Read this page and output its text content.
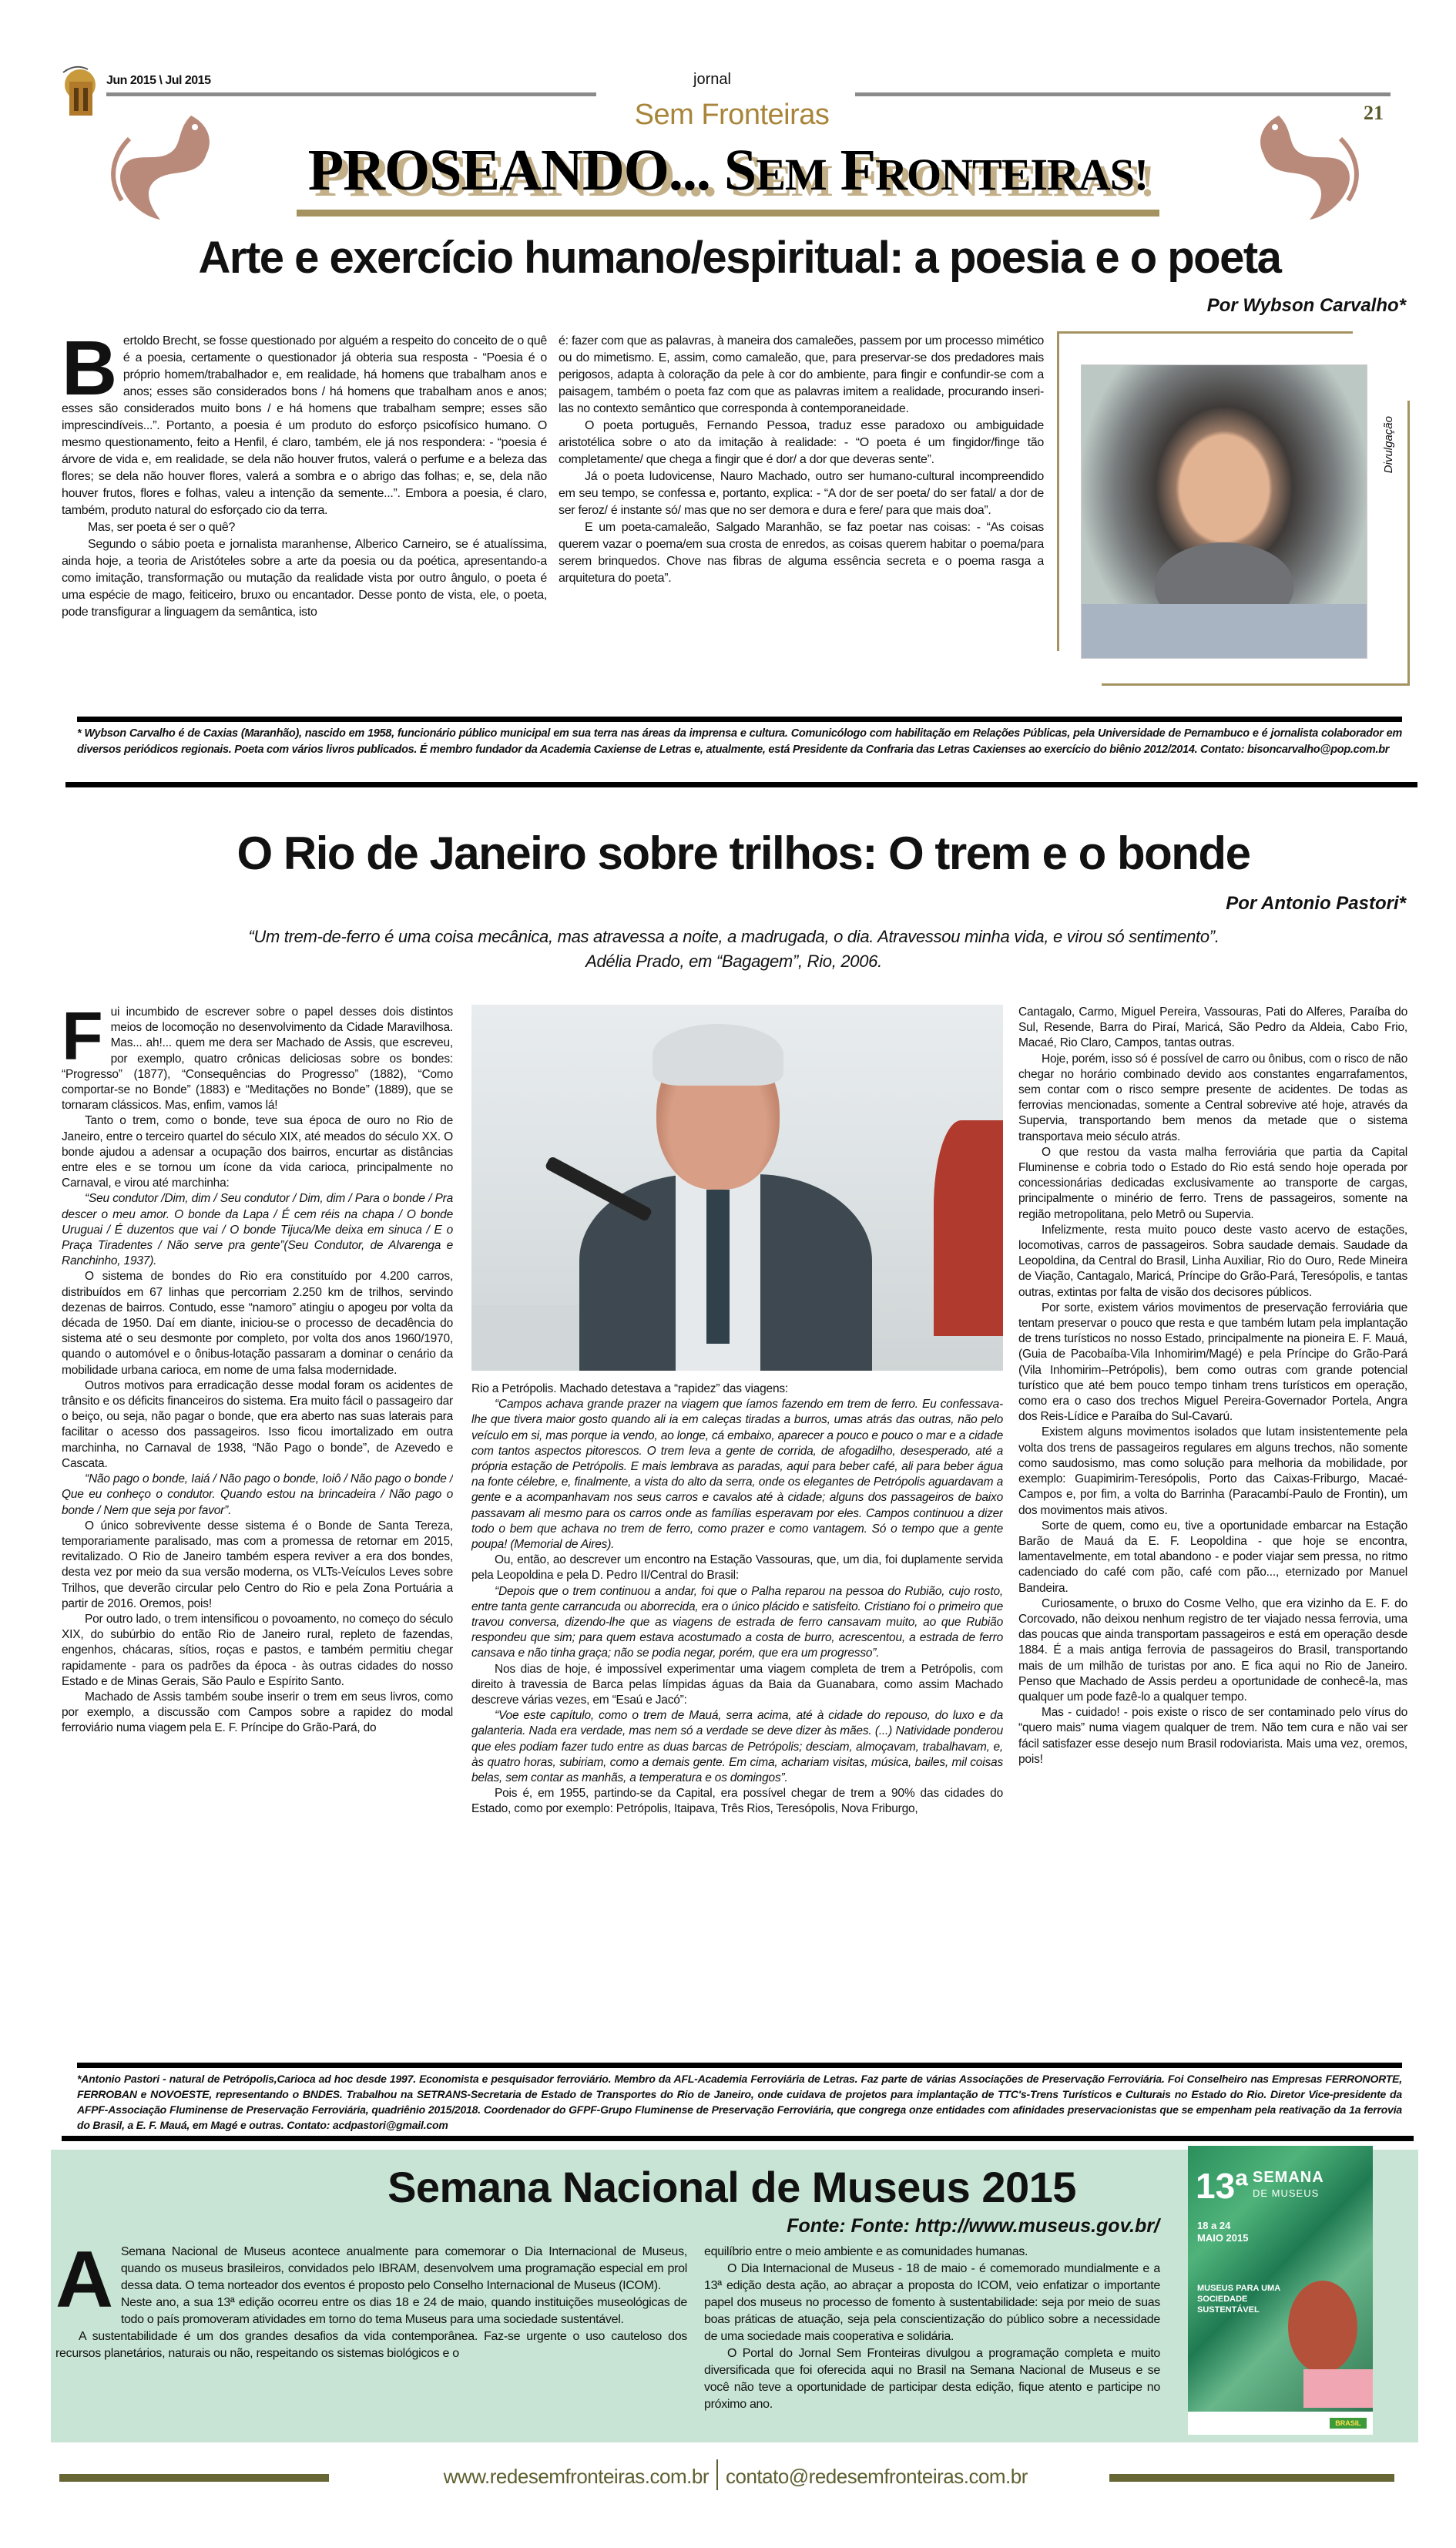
Jun 2015 \ Jul 2015	jornal
Sem Fronteiras	21
PROSEANDO... SEM FRONTEIRAS!
Arte e exercício humano/espiritual: a poesia e o poeta
Por Wybson Carvalho*

Bertoldo Brecht, se fosse questionado por alguém a respeito do conceito de o quê é a poesia, certamente o questionador já obteria sua resposta - “Poesia é o próprio homem/trabalhador e, em realidade, há homens que trabalham anos e anos; esses são considerados bons / há homens que trabalham anos e anos; esses são considerados muito bons / e há homens que trabalham sempre; esses são imprescindíveis...”. Portanto, a poesia é um produto do esforço psicofísico humano. O mesmo questionamento, feito a Henfil, é claro, também, ele já nos respondera: - “poesia é árvore de vida e, em realidade, se dela não houver frutos, valerá o perfume e a beleza das flores; se dela não houver flores, valerá a sombra e o abrigo das folhas; e, se, dela não houver frutos, flores e folhas, valeu a intenção da semente...”. Embora a poesia, é claro, também, produto natural do esforçado cio da terra.

Mas, ser poeta é ser o quê?

Segundo o sábio poeta e jornalista maranhense, Alberico Carneiro, se é atualíssima, ainda hoje, a teoria de Aristóteles sobre a arte da poesia ou da poética, apresentando-a como imitação, transformação ou mutação da realidade vista por outro ângulo, o poeta é uma espécie de mago, feiticeiro, bruxo ou encantador. Desse ponto de vista, ele, o poeta, pode transfigurar a linguagem da semântica, isto

é: fazer com que as palavras, à maneira dos camaleões, passem por um processo mimético ou do mimetismo. E, assim, como camaleão, que, para preservar-se dos predadores mais perigosos, adapta à coloração da pele à cor do ambiente, para fingir e confundir-se com a paisagem, também o poeta faz com que as palavras imitem a realidade, procurando inseri-las no contexto semântico que corresponda à contemporaneidade.

O poeta português, Fernando Pessoa, traduz esse paradoxo ou ambiguidade aristotélica sobre o ato da imitação à realidade: - “O poeta é um fingidor/finge tão completamente/ que chega a fingir que é dor/ a dor que deveras sente”.

Já o poeta ludovicense, Nauro Machado, outro ser humano-cultural incompreendido em seu tempo, se confessa e, portanto, explica: - “A dor de ser poeta/ do ser fatal/ a dor de ser feroz/ é instante só/ mas que no ser demora e dura e fere/ para que mais doa”.

E um poeta-camaleão, Salgado Maranhão, se faz poetar nas coisas: - “As coisas querem vazar o poema/em sua crosta de enredos, as coisas querem habitar o poema/para serem brinquedos. Chove nas fibras de alguma essência secreta e o poema rasga a arquitetura do poeta”.

Divulgação
* Wybson Carvalho é de Caxias (Maranhão), nascido em 1958, funcionário público municipal em sua terra nas áreas da imprensa e cultura. Comunicólogo com habilitação em Relações Públicas, pela Universidade de Pernambuco e é jornalista colaborador em diversos periódicos regionais. Poeta com vários livros publicados. É membro fundador da Academia Caxiense de Letras e, atualmente, está Presidente da Confraria das Letras Caxienses ao exercício do biênio 2012/2014. Contato: bisoncarvalho@pop.com.br
O Rio de Janeiro sobre trilhos: O trem e o bonde
Por Antonio Pastori*
“Um trem-de-ferro é uma coisa mecânica, mas atravessa a noite, a madrugada, o dia. Atravessou minha vida, e virou só sentimento”.
Adélia Prado, em “Bagagem”, Rio, 2006.

Fui incumbido de escrever sobre o papel desses dois distintos meios de locomoção no desenvolvimento da Cidade Maravilhosa. Mas... ah!... quem me dera ser Machado de Assis, que escreveu, por exemplo, quatro crônicas deliciosas sobre os bondes: “Progresso” (1877), “Consequências do Progresso” (1882), “Como comportar-se no Bonde” (1883) e “Meditações no Bonde” (1889), que se tornaram clássicos. Mas, enfim, vamos lá!

Tanto o trem, como o bonde, teve sua época de ouro no Rio de Janeiro, entre o terceiro quartel do século XIX, até meados do século XX. O bonde ajudou a adensar a ocupação dos bairros, encurtar as distâncias entre eles e se tornou um ícone da vida carioca, principalmente no Carnaval, e virou até marchinha:

“Seu condutor /Dim, dim / Seu condutor / Dim, dim / Para o bonde / Pra descer o meu amor. O bonde da Lapa / É cem réis na chapa / O bonde Uruguai / É duzentos que vai / O bonde Tijuca/Me deixa em sinuca / E o Praça Tiradentes / Não serve pra gente”(Seu Condutor, de Alvarenga e Ranchinho, 1937).

O sistema de bondes do Rio era constituído por 4.200 carros, distribuídos em 67 linhas que percorriam 2.250 km de trilhos, servindo dezenas de bairros. Contudo, esse “namoro” atingiu o apogeu por volta da década de 1950. Daí em diante, iniciou-se o processo de decadência do sistema até o seu desmonte por completo, por volta dos anos 1960/1970, quando o automóvel e o ônibus-lotação passaram a dominar o cenário da mobilidade urbana carioca, em nome de uma falsa modernidade.

Outros motivos para erradicação desse modal foram os acidentes de trânsito e os déficits financeiros do sistema. Era muito fácil o passageiro dar o beiço, ou seja, não pagar o bonde, que era aberto nas suas laterais para facilitar o acesso dos passageiros. Isso ficou imortalizado em outra marchinha, no Carnaval de 1938, “Não Pago o bonde”, de Azevedo e Cascata.

“Não pago o bonde, Iaiá / Não pago o bonde, Ioiô / Não pago o bonde / Que eu conheço o condutor. Quando estou na brincadeira / Não pago o bonde / Nem que seja por favor”.

O único sobrevivente desse sistema é o Bonde de Santa Tereza, temporariamente paralisado, mas com a promessa de retornar em 2015, revitalizado. O Rio de Janeiro também espera reviver a era dos bondes, desta vez por meio da sua versão moderna, os VLTs-Veículos Leves sobre Trilhos, que deverão circular pelo Centro do Rio e pela Zona Portuária a partir de 2016. Oremos, pois!

Por outro lado, o trem intensificou o povoamento, no começo do século XIX, do subúrbio do então Rio de Janeiro rural, repleto de fazendas, engenhos, chácaras, sítios, roças e pastos, e também permitiu chegar rapidamente - para os padrões da época - às outras cidades do nosso Estado e de Minas Gerais, São Paulo e Espírito Santo.

Machado de Assis também soube inserir o trem em seus livros, como por exemplo, a discussão com Campos sobre a rapidez do modal ferroviário numa viagem pela E. F. Príncipe do Grão-Pará, do

Rio a Petrópolis. Machado detestava a “rapidez” das viagens:

“Campos achava grande prazer na viagem que íamos fazendo em trem de ferro. Eu confessava-lhe que tivera maior gosto quando ali ia em caleças tiradas a burros, umas atrás das outras, não pelo veículo em si, mas porque ia vendo, ao longe, cá embaixo, aparecer a pouco e pouco o mar e a cidade com tantos aspectos pitorescos. O trem leva a gente de corrida, de afogadilho, desesperado, até a própria estação de Petrópolis. E mais lembrava as paradas, aqui para beber café, ali para beber água na fonte célebre, e, finalmente, a vista do alto da serra, onde os elegantes de Petrópolis aguardavam a gente e a acompanhavam nos seus carros e cavalos até à cidade; alguns dos passageiros de baixo passavam ali mesmo para os carros onde as famílias esperavam por eles. Campos continuou a dizer todo o bem que achava no trem de ferro, como prazer e como vantagem. Só o tempo que a gente poupa! (Memorial de Aires).

Ou, então, ao descrever um encontro na Estação Vassouras, que, um dia, foi duplamente servida pela Leopoldina e pela D. Pedro II/Central do Brasil:

“Depois que o trem continuou a andar, foi que o Palha reparou na pessoa do Rubião, cujo rosto, entre tanta gente carrancuda ou aborrecida, era o único plácido e satisfeito. Cristiano foi o primeiro que travou conversa, dizendo-lhe que as viagens de estrada de ferro cansavam muito, ao que Rubião respondeu que sim; para quem estava acostumado a costa de burro, acrescentou, a estrada de ferro cansava e não tinha graça; não se podia negar, porém, que era um progresso”.

Nos dias de hoje, é impossível experimentar uma viagem completa de trem a Petrópolis, com direito à travessia de Barca pelas límpidas águas da Baia da Guanabara, como assim Machado descreve várias vezes, em “Esaú e Jacó”:

“Voe este capítulo, como o trem de Mauá, serra acima, até à cidade do repouso, do luxo e da galanteria. Nada era verdade, mas nem só a verdade se deve dizer às mães. (...) Natividade ponderou que eles podiam fazer tudo entre as duas barcas de Petrópolis; desciam, almoçavam, trabalhavam, e, às quatro horas, subiriam, como a demais gente. Em cima, achariam visitas, música, bailes, mil coisas belas, sem contar as manhãs, a temperatura e os domingos”.

Pois é, em 1955, partindo-se da Capital, era possível chegar de trem a 90% das cidades do Estado, como por exemplo: Petrópolis, Itaipava, Três Rios, Teresópolis, Nova Friburgo,

Cantagalo, Carmo, Miguel Pereira, Vassouras, Pati do Alferes, Paraíba do Sul, Resende, Barra do Piraí, Maricá, São Pedro da Aldeia, Cabo Frio, Macaé, Rio Claro, Campos, tantas outras.

Hoje, porém, isso só é possível de carro ou ônibus, com o risco de não chegar no horário combinado devido aos constantes engarrafamentos, sem contar com o risco sempre presente de acidentes. De todas as ferrovias mencionadas, somente a Central sobrevive até hoje, através da Supervia, transportando bem menos da metade que o sistema transportava meio século atrás.

O que restou da vasta malha ferroviária que partia da Capital Fluminense e cobria todo o Estado do Rio está sendo hoje operada por concessionárias dedicadas exclusivamente ao transporte de cargas, principalmente o minério de ferro. Trens de passageiros, somente na região metropolitana, pelo Metrô ou Supervia.

Infelizmente, resta muito pouco deste vasto acervo de estações, locomotivas, carros de passageiros. Sobra saudade demais. Saudade da Leopoldina, da Central do Brasil, Linha Auxiliar, Rio do Ouro, Rede Mineira de Viação, Cantagalo, Maricá, Príncipe do Grão-Pará, Teresópolis, e tantas outras, extintas por falta de visão dos decisores públicos.

Por sorte, existem vários movimentos de preservação ferroviária que tentam preservar o pouco que resta e que também lutam pela implantação de trens turísticos no nosso Estado, principalmente na pioneira E. F. Mauá, (Guia de Pacobaíba-Vila Inhomirim/Magé) e pela Príncipe do Grão-Pará (Vila Inhomirim--Petrópolis), bem como outras com grande potencial turístico que até bem pouco tempo tinham trens turísticos em operação, como era o caso dos trechos Miguel Pereira-Governador Portela, Angra dos Reis-Lídice e Paraíba do Sul-Cavarú.

Existem alguns movimentos isolados que lutam insistentemente pela volta dos trens de passageiros regulares em alguns trechos, não somente como saudosismo, mas como solução para melhoria da mobilidade, por exemplo: Guapimirim-Teresópolis, Porto das Caixas-Friburgo, Macaé-Campos e, por fim, a volta do Barrinha (Paracambí-Paulo de Frontin), um dos movimentos mais ativos.

Sorte de quem, como eu, tive a oportunidade embarcar na Estação Barão de Mauá da E. F. Leopoldina - que hoje se encontra, lamentavelmente, em total abandono - e poder viajar sem pressa, no ritmo cadenciado do café com pão, café com pão..., eternizado por Manuel Bandeira.

Curiosamente, o bruxo do Cosme Velho, que era vizinho da E. F. do Corcovado, não deixou nenhum registro de ter viajado nessa ferrovia, uma das poucas que ainda transportam passageiros e está em operação desde 1884. É a mais antiga ferrovia de passageiros do Brasil, transportando mais de um milhão de turistas por ano. E fica aqui no Rio de Janeiro. Penso que Machado de Assis perdeu a oportunidade de conhecê-la, mas qualquer um pode fazê-lo a qualquer tempo.

Mas - cuidado! - pois existe o risco de ser contaminado pelo vírus do “quero mais” numa viagem qualquer de trem. Não tem cura e não vai ser fácil satisfazer esse desejo num Brasil rodoviarista. Mais uma vez, oremos, pois!

*Antonio Pastori - natural de Petrópolis,Carioca ad hoc desde 1997. Economista e pesquisador ferroviário. Membro da AFL-Academia Ferroviária de Letras. Faz parte de várias Associações de Preservação Ferroviária. Foi Conselheiro nas Empresas FERRONORTE, FERROBAN e NOVOESTE, representando o BNDES. Trabalhou na SETRANS-Secretaria de Estado de Transportes do Rio de Janeiro, onde cuidava de projetos para implantação de TTC's-Trens Turísticos e Culturais no Estado do Rio. Diretor Vice-presidente da AFPF-Associação Fluminense de Preservação Ferroviária, quadriênio 2015/2018. Coordenador do GFPF-Grupo Fluminense de Preservação Ferroviária, que congrega onze entidades com afinidades preservacionistas que se empenham pela reativação da 1a ferrovia do Brasil, a E. F. Mauá, em Magé e outras. Contato: acdpastori@gmail.com
Semana Nacional de Museus 2015
Fonte: Fonte: http://www.museus.gov.br/

A Semana Nacional de Museus acontece anualmente para comemorar o Dia Internacional de Museus, quando os museus brasileiros, convidados pelo IBRAM, desenvolvem uma programação especial em prol dessa data. O tema norteador dos eventos é proposto pelo Conselho Internacional de Museus (ICOM).

Neste ano, a sua 13ª edição ocorreu entre os dias 18 e 24 de maio, quando instituições museológicas de todo o país promoveram atividades em torno do tema Museus para uma sociedade sustentável.

A sustentabilidade é um dos grandes desafios da vida contemporânea. Faz-se urgente o uso cauteloso dos recursos planetários, naturais ou não, respeitando os sistemas biológicos e o

equilíbrio entre o meio ambiente e as comunidades humanas.

O Dia Internacional de Museus - 18 de maio - é comemorado mundialmente e a 13ª edição desta ação, ao abraçar a proposta do ICOM, veio enfatizar o importante papel dos museus no processo de fomento à sustentabilidade: seja por meio de suas boas práticas de atuação, seja pela conscientização do público sobre a necessidade de uma sociedade mais cooperativa e solidária.

O Portal do Jornal Sem Fronteiras divulgou a programação completa e muito diversificada que foi oferecida aqui no Brasil na Semana Nacional de Museus e se você não teve a oportunidade de participar desta edição, fique atento e participe no próximo ano.

13ª SEMANA
DE MUSEUS
18 a 24 MAIO 2015
MUSEUS PARA UMA SOCIEDADE SUSTENTÁVEL
BRASIL
www.redesemfronteiras.com.br contato@redesemfronteiras.com.br
